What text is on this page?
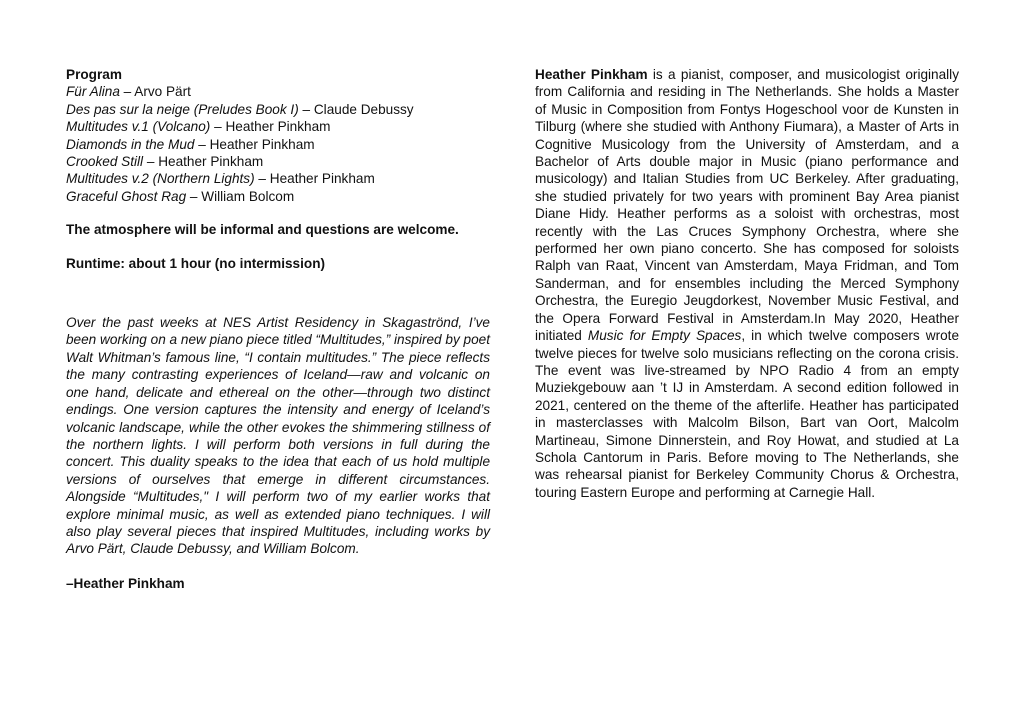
Program

Für Alina – Arvo Pärt

Des pas sur la neige (Preludes Book I) – Claude Debussy

Multitudes v.1 (Volcano) – Heather Pinkham

Diamonds in the Mud – Heather Pinkham

Crooked Still – Heather Pinkham

Multitudes v.2 (Northern Lights) – Heather Pinkham

Graceful Ghost Rag – William Bolcom

The atmosphere will be informal and questions are welcome.

Runtime: about 1 hour (no intermission)

Over the past weeks at NES Artist Residency in Skagaströnd, I’ve been working on a new piano piece titled “Multitudes,” inspired by poet Walt Whitman’s famous line, “I contain multitudes.” The piece reflects the many contrasting experiences of Iceland—raw and volcanic on one hand, delicate and ethereal on the other—through two distinct endings. One version captures the intensity and energy of Iceland’s volcanic landscape, while the other evokes the shimmering stillness of the northern lights. I will perform both versions in full during the concert. This duality speaks to the idea that each of us hold multiple versions of ourselves that emerge in different circumstances. Alongside “Multitudes," I will perform two of my earlier works that explore minimal music, as well as extended piano techniques. I will also play several pieces that inspired Multitudes, including works by Arvo Pärt, Claude Debussy, and William Bolcom.

–Heather Pinkham

Heather Pinkham is a pianist, composer, and musicologist originally from California and residing in The Netherlands. She holds a Master of Music in Composition from Fontys Hogeschool voor de Kunsten in Tilburg (where she studied with Anthony Fiumara), a Master of Arts in Cognitive Musicology from the University of Amsterdam, and a Bachelor of Arts double major in Music (piano performance and musicology) and Italian Studies from UC Berkeley. After graduating, she studied privately for two years with prominent Bay Area pianist Diane Hidy. Heather performs as a soloist with orchestras, most recently with the Las Cruces Symphony Orchestra, where she performed her own piano concerto. She has composed for soloists Ralph van Raat, Vincent van Amsterdam, Maya Fridman, and Tom Sanderman, and for ensembles including the Merced Symphony Orchestra, the Euregio Jeugdorkest, November Music Festival, and the Opera Forward Festival in Amsterdam.In May 2020, Heather initiated Music for Empty Spaces, in which twelve composers wrote twelve pieces for twelve solo musicians reflecting on the corona crisis. The event was live-streamed by NPO Radio 4 from an empty Muziekgebouw aan ’t IJ in Amsterdam. A second edition followed in 2021, centered on the theme of the afterlife. Heather has participated in masterclasses with Malcolm Bilson, Bart van Oort, Malcolm Martineau, Simone Dinnerstein, and Roy Howat, and studied at La Schola Cantorum in Paris. Before moving to The Netherlands, she was rehearsal pianist for Berkeley Community Chorus & Orchestra, touring Eastern Europe and performing at Carnegie Hall.
